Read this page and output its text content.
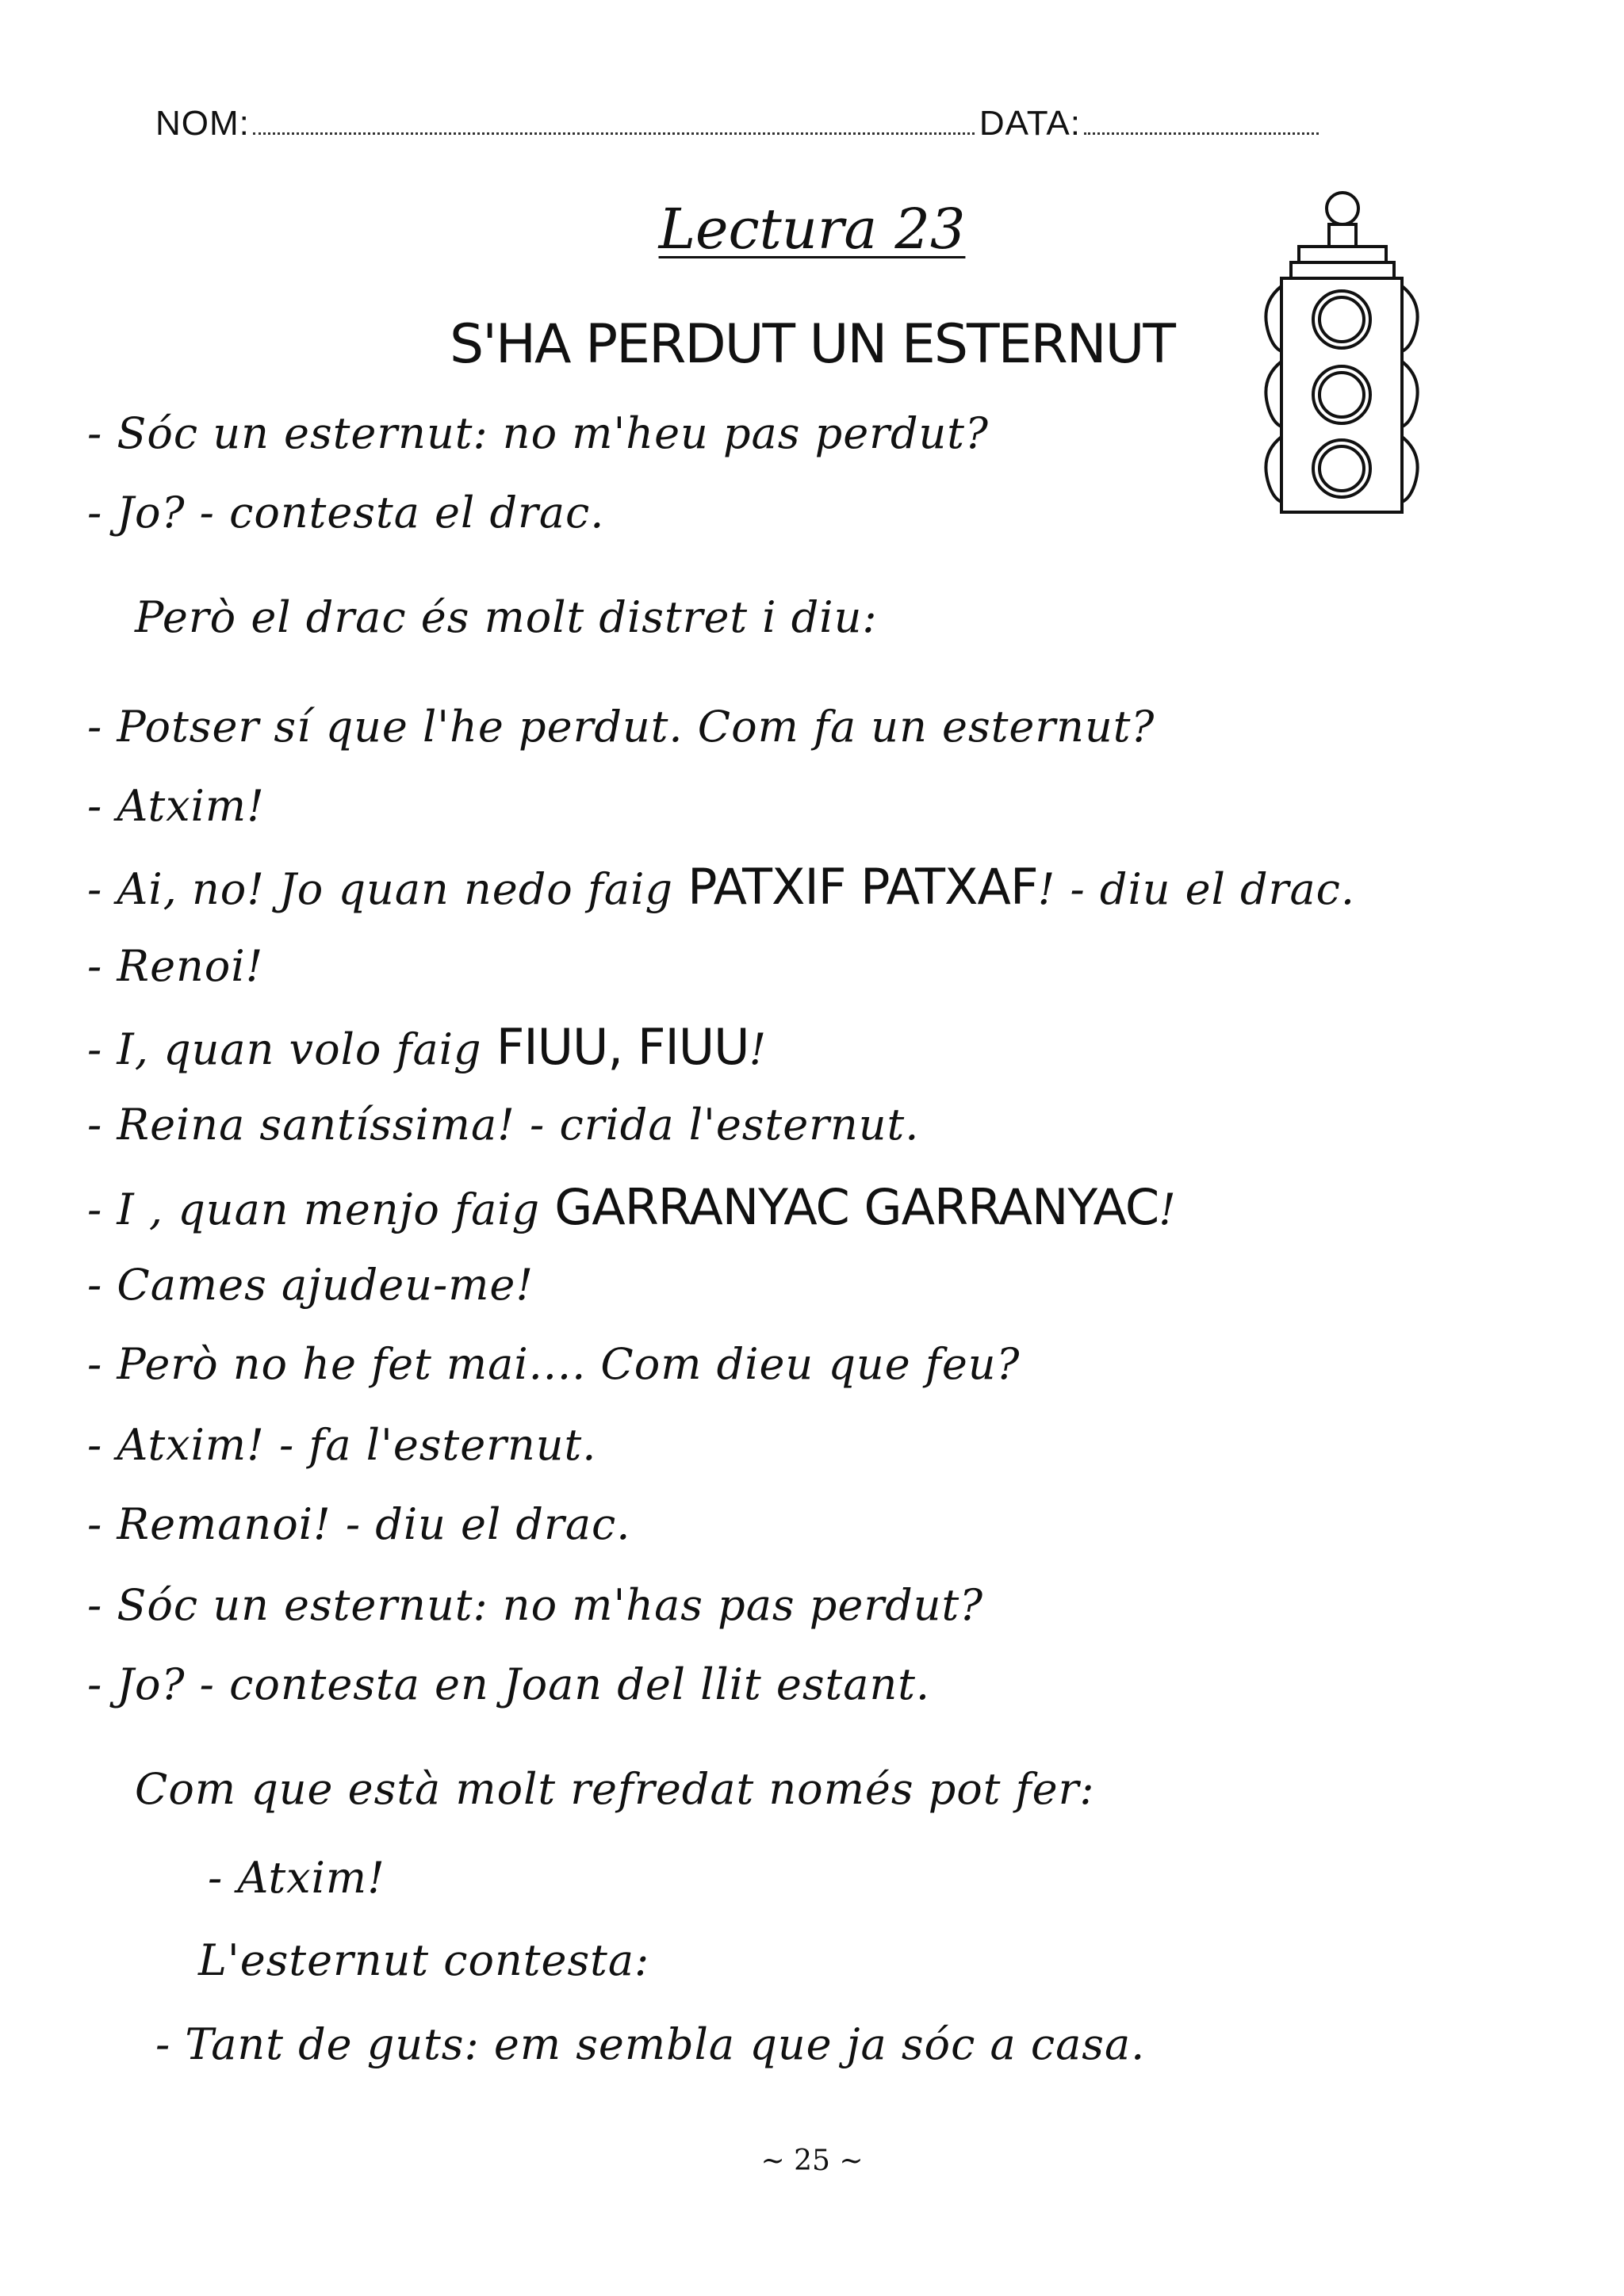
NOM:	DATA:
Lectura 23
S'HA PERDUT UN ESTERNUT
- Sóc un esternut: no m'heu pas perdut?
- Jo? - contesta el drac.
Però el drac és molt distret i diu:
- Potser sí que l'he perdut. Com fa un esternut?
- Atxim!
- Ai, no! Jo quan nedo faig PATXIF PATXAF! - diu el drac.
- Renoi!
- I, quan volo faig FIUU, FIUU!
- Reina santíssima! - crida l'esternut.
- I , quan menjo faig GARRANYAC GARRANYAC!
- Cames ajudeu-me!
- Però no he fet mai.... Com dieu que feu?
- Atxim! - fa l'esternut.
- Remanoi! - diu el drac.
- Sóc un esternut: no m'has pas perdut?
- Jo? - contesta en Joan del llit estant.
Com que està molt refredat només pot fer:
- Atxim!
L'esternut contesta:
- Tant de guts: em sembla que ja sóc a casa.
~ 25 ~
